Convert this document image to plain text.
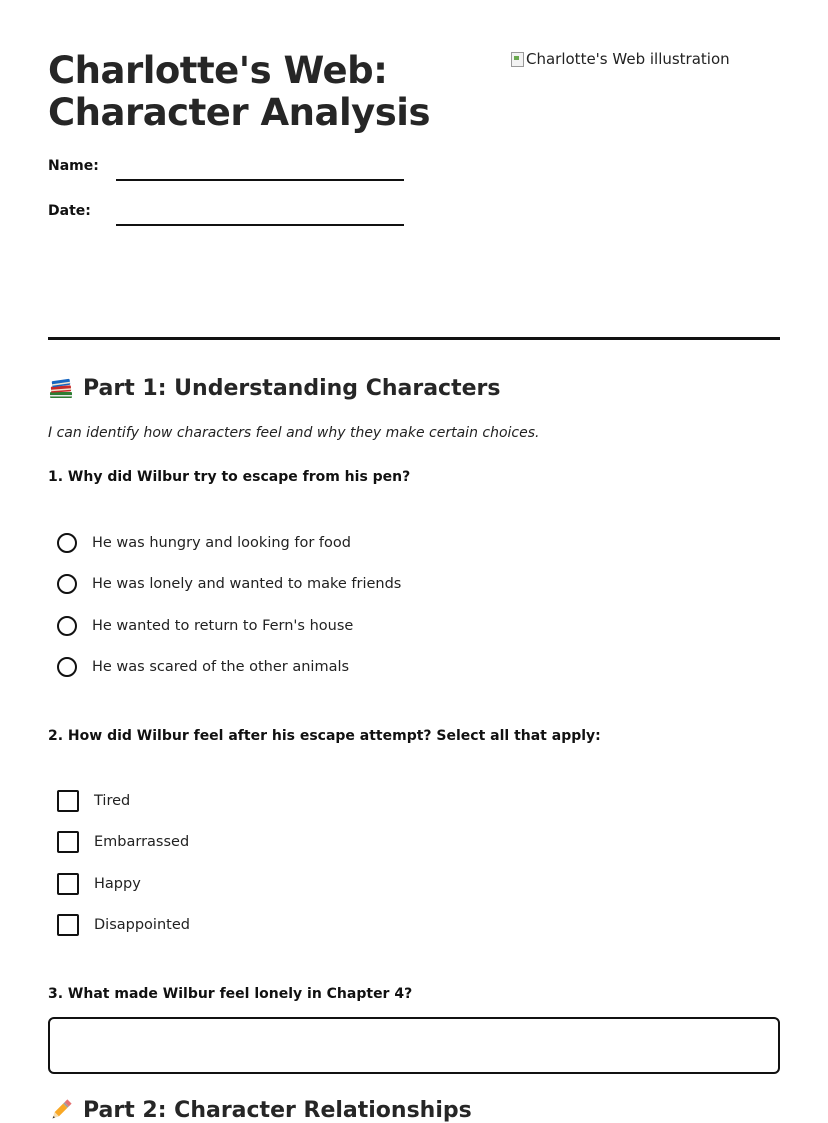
Charlotte's Web:
Character Analysis
Charlotte's Web illustration
Name:
Date:
Part 1: Understanding Characters
I can identify how characters feel and why they make certain choices.
1. Why did Wilbur try to escape from his pen?
He was hungry and looking for food
He was lonely and wanted to make friends
He wanted to return to Fern's house
He was scared of the other animals
2. How did Wilbur feel after his escape attempt? Select all that apply:
Tired
Embarrassed
Happy
Disappointed
3. What made Wilbur feel lonely in Chapter 4?
Part 2: Character Relationships
